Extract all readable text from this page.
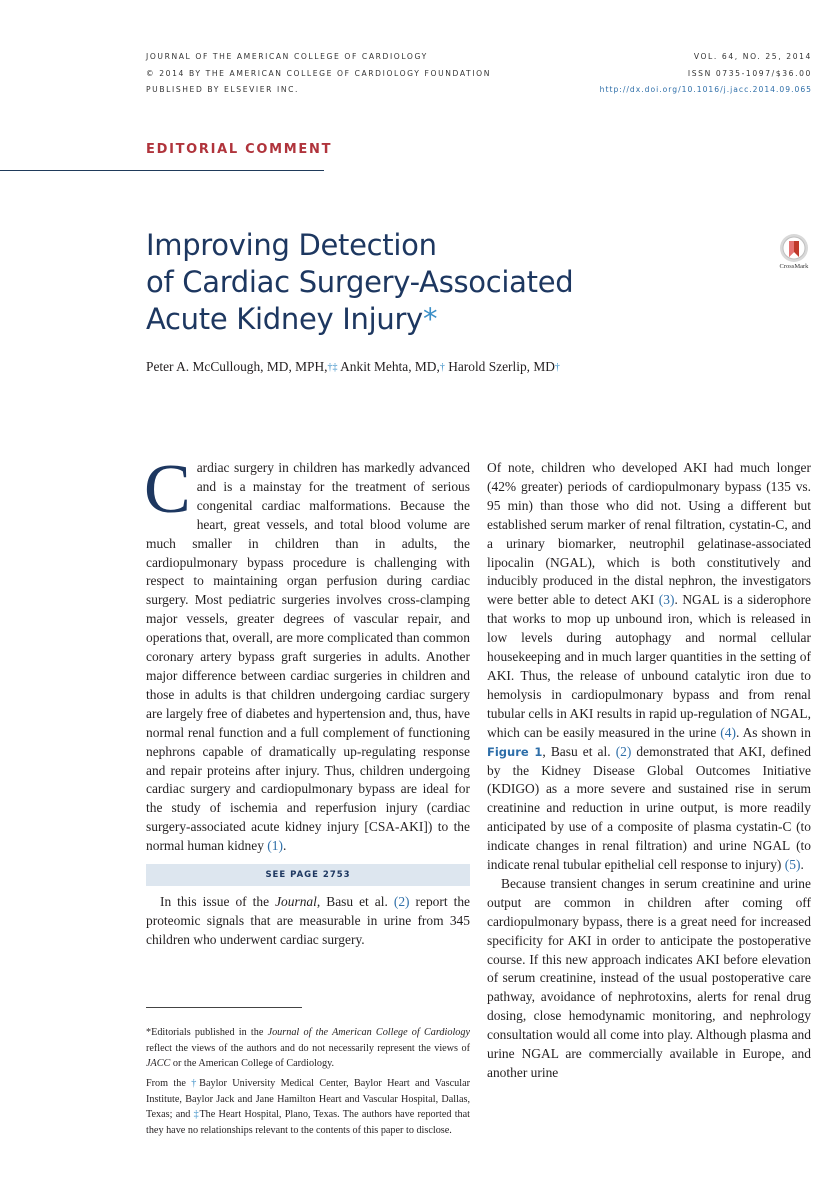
JOURNAL OF THE AMERICAN COLLEGE OF CARDIOLOGY
© 2014 BY THE AMERICAN COLLEGE OF CARDIOLOGY FOUNDATION
PUBLISHED BY ELSEVIER INC.
VOL. 64, NO. 25, 2014
ISSN 0735-1097/$36.00
http://dx.doi.org/10.1016/j.jacc.2014.09.065
EDITORIAL COMMENT
CrossMark
Improving Detection
of Cardiac Surgery-Associated
Acute Kidney Injury*
Peter A. McCullough, MD, MPH,†‡ Ankit Mehta, MD,† Harold Szerlip, MD†

Cardiac surgery in children has markedly advanced and is a mainstay for the treatment of serious congenital cardiac malformations. Because the heart, great vessels, and total blood volume are much smaller in children than in adults, the cardiopulmonary bypass procedure is challenging with respect to maintaining organ perfusion during cardiac surgery. Most pediatric surgeries involves cross-clamping major vessels, greater degrees of vascular repair, and operations that, overall, are more complicated than common coronary artery bypass graft surgeries in adults. Another major difference between cardiac surgeries in children and those in adults is that children undergoing cardiac surgery are largely free of diabetes and hypertension and, thus, have normal renal function and a full complement of functioning nephrons capable of dramatically up-regulating response and repair proteins after injury. Thus, children undergoing cardiac surgery and cardiopulmonary bypass are ideal for the study of ischemia and reperfusion injury (cardiac surgery-associated acute kidney injury [CSA-AKI]) to the normal human kidney (1).

SEE PAGE 2753

In this issue of the Journal, Basu et al. (2) report the proteomic signals that are measurable in urine from 345 children who underwent cardiac surgery.

Of note, children who developed AKI had much longer (42% greater) periods of cardiopulmonary bypass (135 vs. 95 min) than those who did not. Using a different but established serum marker of renal filtration, cystatin-C, and a urinary biomarker, neutrophil gelatinase-associated lipocalin (NGAL), which is both constitutively and inducibly produced in the distal nephron, the investigators were better able to detect AKI (3). NGAL is a siderophore that works to mop up unbound iron, which is released in low levels during autophagy and normal cellular housekeeping and in much larger quantities in the setting of AKI. Thus, the release of unbound catalytic iron due to hemolysis in cardiopulmonary bypass and from renal tubular cells in AKI results in rapid up-regulation of NGAL, which can be easily measured in the urine (4). As shown in Figure 1, Basu et al. (2) demonstrated that AKI, defined by the Kidney Disease Global Outcomes Initiative (KDIGO) as a more severe and sustained rise in serum creatinine and reduction in urine output, is more readily anticipated by use of a composite of plasma cystatin-C (to indicate changes in renal filtration) and urine NGAL (to indicate renal tubular epithelial cell response to injury) (5).

Because transient changes in serum creatinine and urine output are common in children after coming off cardiopulmonary bypass, there is a great need for increased specificity for AKI in order to anticipate the postoperative course. If this new approach indicates AKI before elevation of serum creatinine, instead of the usual postoperative care pathway, avoidance of nephrotoxins, alerts for renal drug dosing, close hemodynamic monitoring, and nephrology consultation would all come into play. Although plasma and urine NGAL are commercially available in Europe, and another urine

*Editorials published in the Journal of the American College of Cardiology reflect the views of the authors and do not necessarily represent the views of JACC or the American College of Cardiology.
From the †Baylor University Medical Center, Baylor Heart and Vascular Institute, Baylor Jack and Jane Hamilton Heart and Vascular Hospital, Dallas, Texas; and ‡The Heart Hospital, Plano, Texas. The authors have reported that they have no relationships relevant to the contents of this paper to disclose.
